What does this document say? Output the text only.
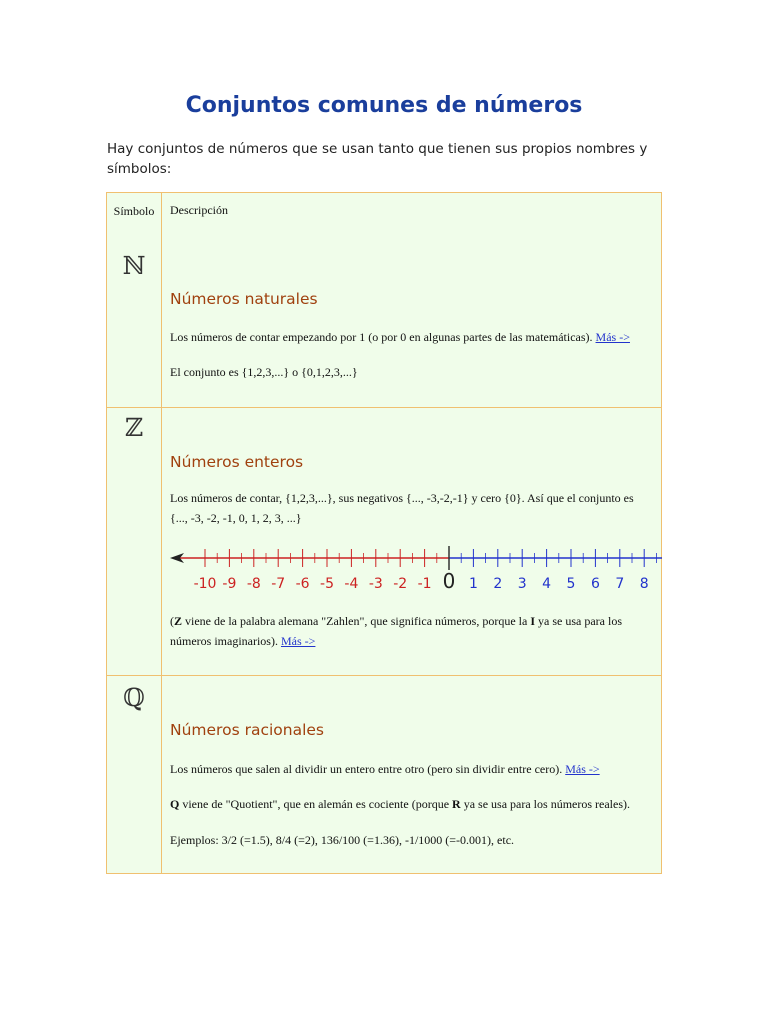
Conjuntos comunes de números

Hay conjuntos de números que se usan tanto que tienen sus propios nombres y símbolos:

Símbolo	Descripción
ℕ
Números naturales
Los números de contar empezando por 1 (o por 0 en algunas partes de las matemáticas). Más ->
El conjunto es {1,2,3,...} o {0,1,2,3,...}
ℤ
Números enteros
Los números de contar, {1,2,3,...}, sus negativos {..., -3,-2,-1} y cero {0}. Así que el conjunto es {..., -3, -2, -1, 0, 1, 2, 3, ...}
-10 -9 -8 -7 -6 -5 -4 -3 -2 -1 0 1 2 3 4 5 6 7 8
(Z viene de la palabra alemana "Zahlen", que significa números, porque la I ya se usa para los números imaginarios). Más ->
ℚ
Números racionales
Los números que salen al dividir un entero entre otro (pero sin dividir entre cero). Más ->
Q viene de "Quotient", que en alemán es cociente (porque R ya se usa para los números reales).
Ejemplos: 3/2 (=1.5), 8/4 (=2), 136/100 (=1.36), -1/1000 (=-0.001), etc.
